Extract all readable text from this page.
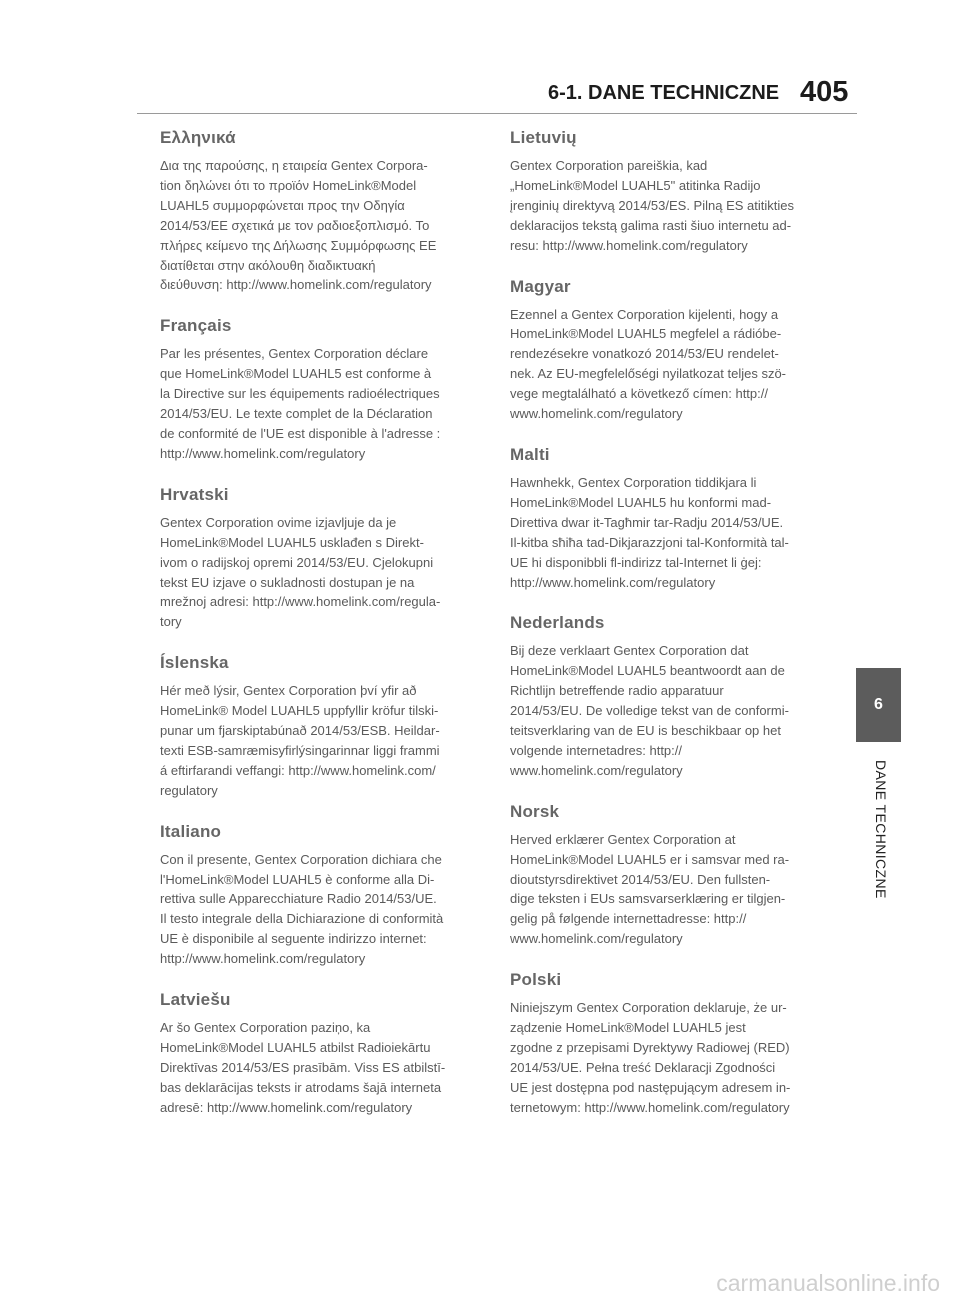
6-1. DANE TECHNICZNE 405
Ελληνικά

Δια της παρούσης, η εταιρεία Gentex Corpora-
tion δηλώνει ότι το προϊόν HomeLink®Model
LUAHL5 συμμορφώνεται προς την Οδηγία
2014/53/ΕΕ σχετικά με τον ραδιοεξοπλισμό. Το
πλήρες κείμενο της Δήλωσης Συμμόρφωσης ΕΕ
διατίθεται στην ακόλουθη διαδικτυακή
διεύθυνση: http://www.homelink.com/regulatory

Français

Par les présentes, Gentex Corporation déclare
que HomeLink®Model LUAHL5 est conforme à
la Directive sur les équipements radioélectriques
2014/53/EU. Le texte complet de la Déclaration
de conformité de l'UE est disponible à l'adresse :
http://www.homelink.com/regulatory

Hrvatski

Gentex Corporation ovime izjavljuje da je
HomeLink®Model LUAHL5 usklađen s Direkt-
ivom o radijskoj opremi 2014/53/EU. Cjelokupni
tekst EU izjave o sukladnosti dostupan je na
mrežnoj adresi: http://www.homelink.com/regula-
tory

Íslenska

Hér með lýsir, Gentex Corporation því yfir að
HomeLink® Model LUAHL5 uppfyllir kröfur tilski-
punar um fjarskiptabúnað 2014/53/ESB. Heildar-
texti ESB-samræmisyfirlýsingarinnar liggi frammi
á eftirfarandi veffangi: http://www.homelink.com/
regulatory

Italiano

Con il presente, Gentex Corporation dichiara che
l'HomeLink®Model LUAHL5 è conforme alla Di-
rettiva sulle Apparecchiature Radio 2014/53/UE.
Il testo integrale della Dichiarazione di conformità
UE è disponibile al seguente indirizzo internet:
http://www.homelink.com/regulatory

Latviešu

Ar šo Gentex Corporation paziņo, ka
HomeLink®Model LUAHL5 atbilst Radioiekārtu
Direktīvas 2014/53/ES prasībām. Viss ES atbilstī-
bas deklarācijas teksts ir atrodams šajā interneta
adresē: http://www.homelink.com/regulatory

Lietuvių

Gentex Corporation pareiškia, kad
„HomeLink®Model LUAHL5" atitinka Radijo
įrenginių direktyvą 2014/53/ES. Pilną ES atitikties
deklaracijos tekstą galima rasti šiuo internetu ad-
resu: http://www.homelink.com/regulatory

Magyar

Ezennel a Gentex Corporation kijelenti, hogy a
HomeLink®Model LUAHL5 megfelel a rádióbe-
rendezésekre vonatkozó 2014/53/EU rendelet-
nek. Az EU-megfelelőségi nyilatkozat teljes szö-
vege megtalálható a következő címen: http://
www.homelink.com/regulatory

Malti

Hawnhekk, Gentex Corporation tiddikjara li
HomeLink®Model LUAHL5 hu konformi mad-
Direttiva dwar it-Tagħmir tar-Radju 2014/53/UE.
Il-kitba sħiħa tad-Dikjarazzjoni tal-Konformità tal-
UE hi disponibbli fl-indirizz tal-Internet li ġej:
http://www.homelink.com/regulatory

Nederlands

Bij deze verklaart Gentex Corporation dat
HomeLink®Model LUAHL5 beantwoordt aan de
Richtlijn betreffende radio apparatuur
2014/53/EU. De volledige tekst van de conformi-
teitsverklaring van de EU is beschikbaar op het
volgende internetadres: http://
www.homelink.com/regulatory

Norsk

Herved erklærer Gentex Corporation at
HomeLink®Model LUAHL5 er i samsvar med ra-
dioutstyrsdirektivet 2014/53/EU. Den fullsten-
dige teksten i EUs samsvarserklæring er tilgjen-
gelig på følgende internettadresse: http://
www.homelink.com/regulatory

Polski

Niniejszym Gentex Corporation deklaruje, że ur-
ządzenie HomeLink®Model LUAHL5 jest
zgodne z przepisami Dyrektywy Radiowej (RED)
2014/53/UE. Pełna treść Deklaracji Zgodności
UE jest dostępna pod następującym adresem in-
ternetowym: http://www.homelink.com/regulatory

6
DANE TECHNICZNE
carmanualsonline.info
